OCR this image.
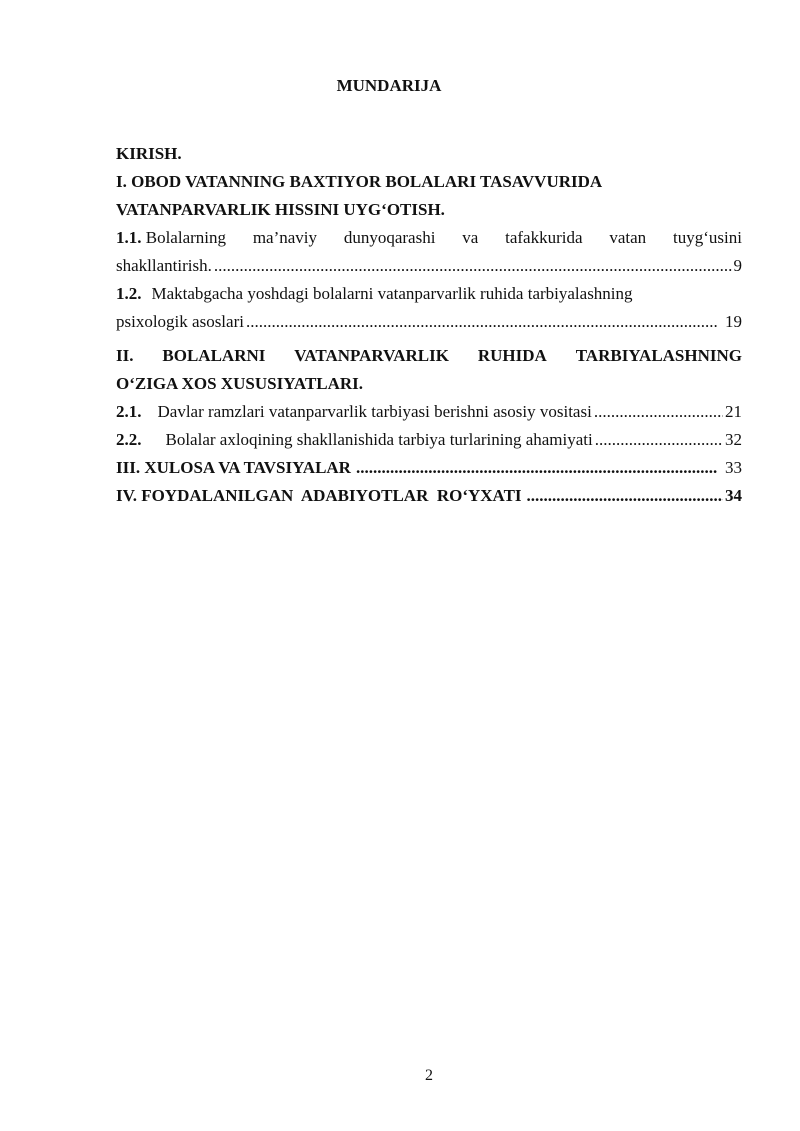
MUNDARIJA
KIRISH.
I. OBOD VATANNING BAXTIYOR BOLALARI TASAVVURIDA
VATANPARVARLIK HISSINI UYG‘OTISH.
1.1. Bolalarning ma’naviy dunyoqarashi va tafakkurida vatan tuyg‘usini
shakllantirish. .....	9
1.2. Maktabgacha yoshdagi bolalarni vatanparvarlik ruhida tarbiyalashning
psixologik asoslari .....	19
II. BOLALARNI VATANPARVARLIK RUHIDA TARBIYALASHNING
O‘ZIGA XOS XUSUSIYATLARI.
2.1. Davlar ramzlari vatanparvarlik tarbiyasi berishni asosiy vositasi .....	21
2.2. Bolalar axloqining shakllanishida tarbiya turlarining ahamiyati .....	32
III. XULOSA VA TAVSIYALAR .....	33
IV. FOYDALANILGAN  ADABIYOTLAR  RO‘YXATI .....	34
2
